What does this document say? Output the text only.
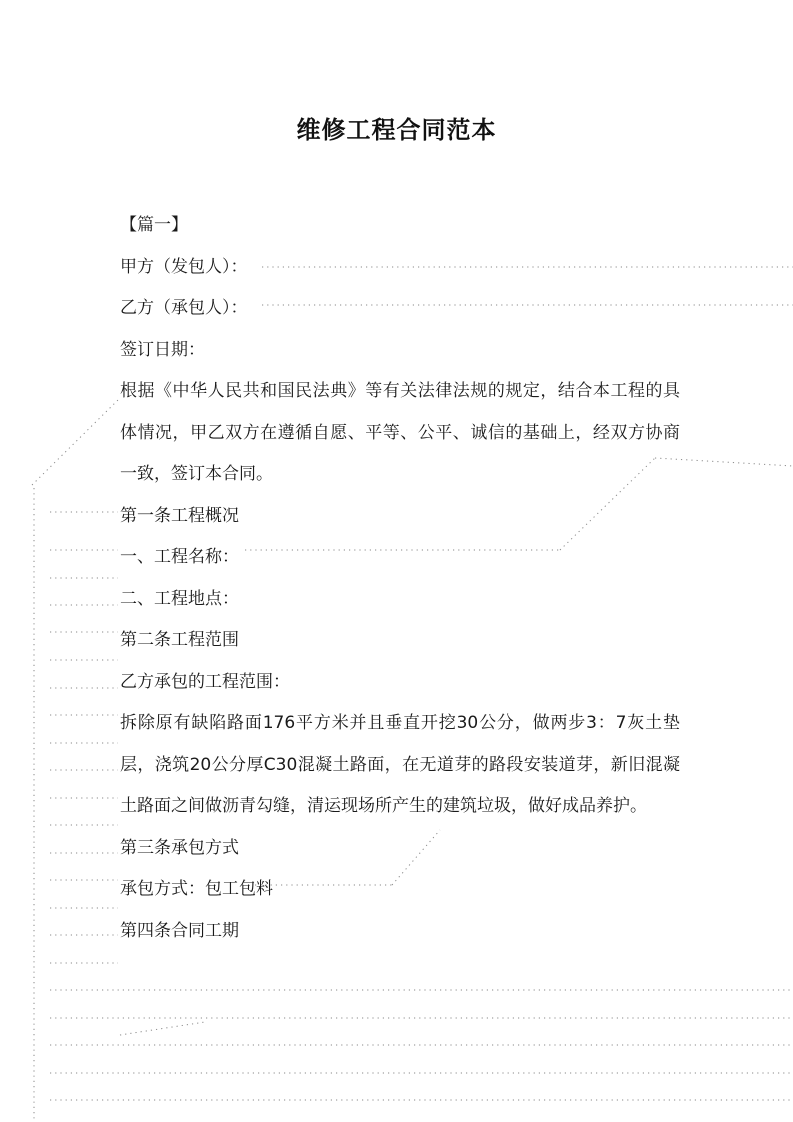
维修工程合同范本

【篇一】

甲方（发包人）：

乙方（承包人）：

签订日期：

根据《中华人民共和国民法典》等有关法律法规的规定，结合本工程的具体情况，甲乙双方在遵循自愿、平等、公平、诚信的基础上，经双方协商一致，签订本合同。

第一条工程概况

一、工程名称：

二、工程地点：

第二条工程范围

乙方承包的工程范围：

拆除原有缺陷路面176平方米并且垂直开挖30公分，做两步3：7灰土垫层，浇筑20公分厚C30混凝土路面，在无道芽的路段安装道芽，新旧混凝土路面之间做沥青勾缝，清运现场所产生的建筑垃圾，做好成品养护。

第三条承包方式

承包方式：包工包料

第四条合同工期
